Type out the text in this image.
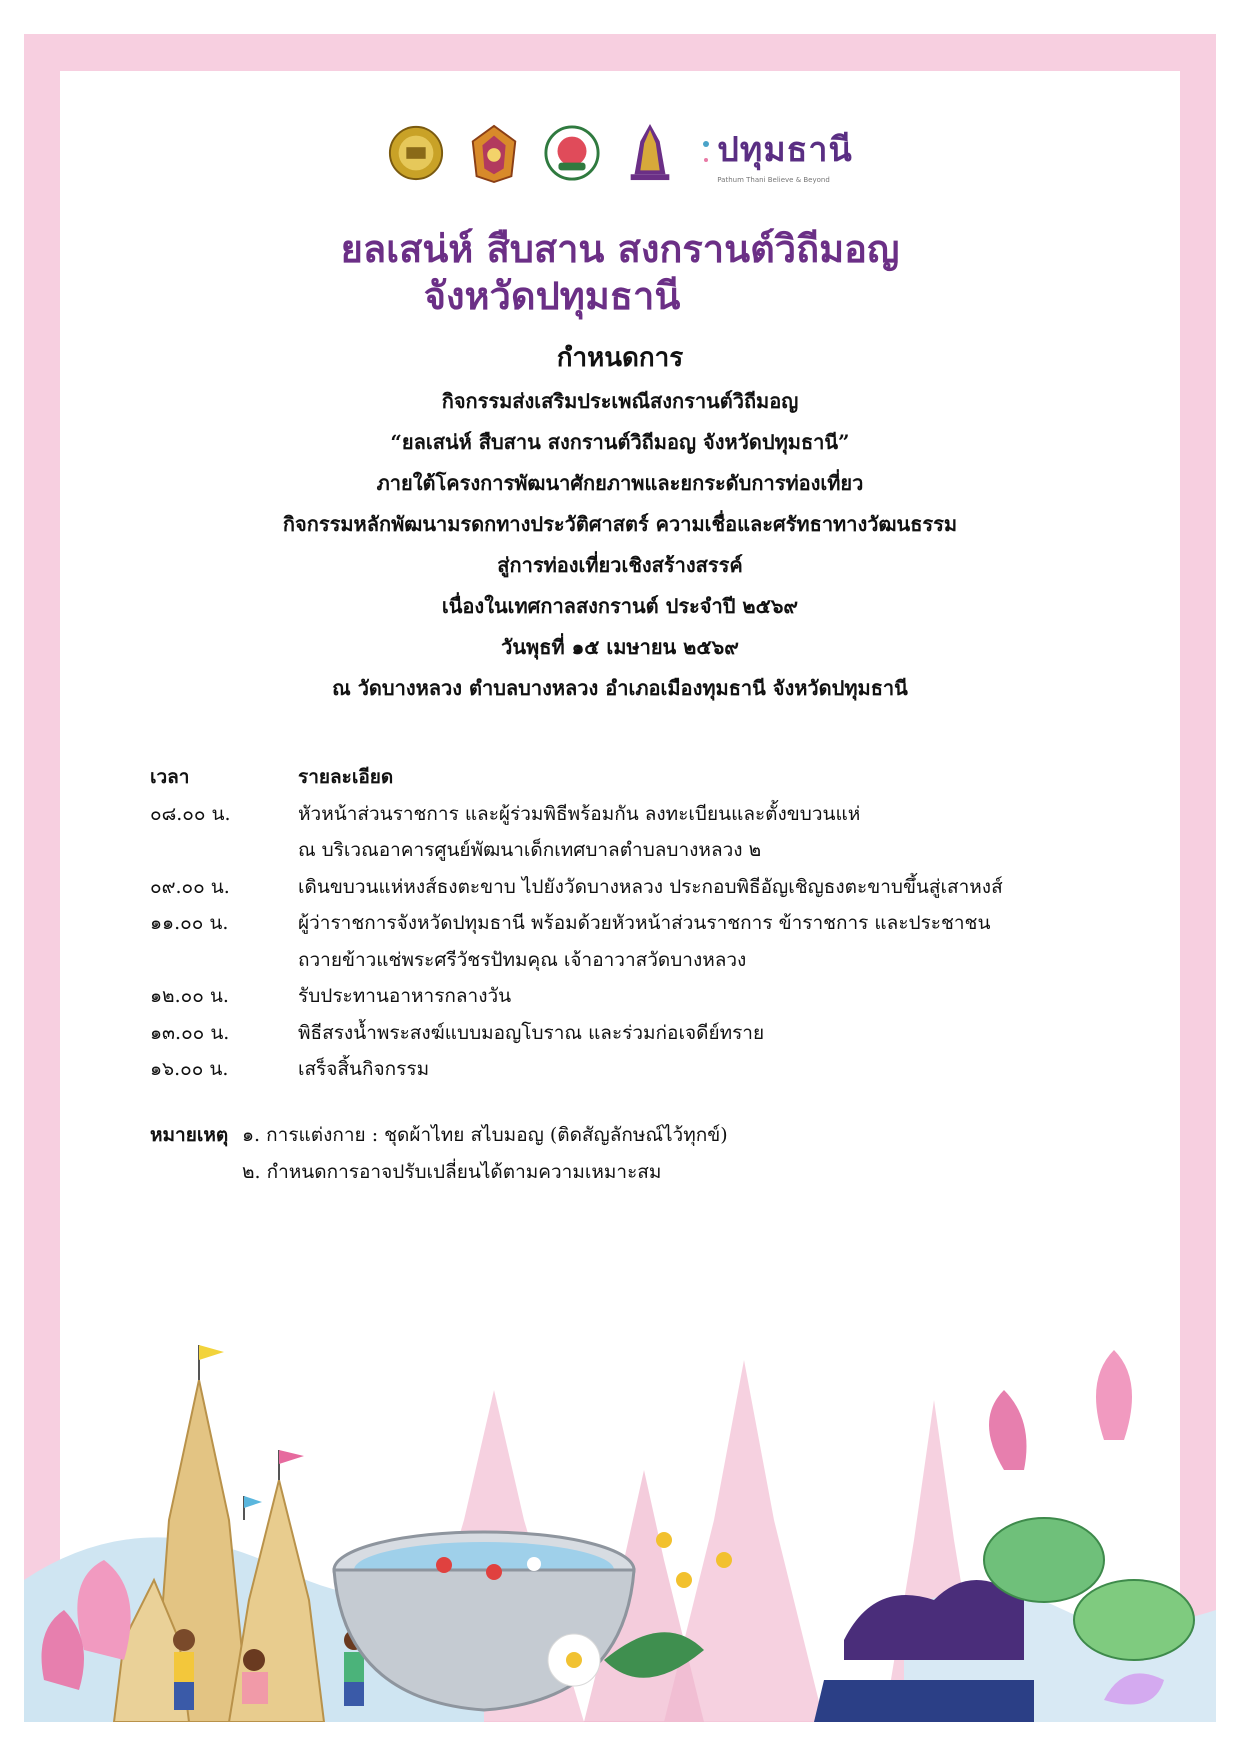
ปทุมธานี
Pathum Thani Believe & Beyond
ยลเสน่ห์ สืบสาน สงกรานต์วิถีมอญ
จังหวัดปทุมธานี
กำหนดการ
กิจกรรมส่งเสริมประเพณีสงกรานต์วิถีมอญ
“ยลเสน่ห์ สืบสาน สงกรานต์วิถีมอญ จังหวัดปทุมธานี”
ภายใต้โครงการพัฒนาศักยภาพและยกระดับการท่องเที่ยว
กิจกรรมหลักพัฒนามรดกทางประวัติศาสตร์ ความเชื่อและศรัทธาทางวัฒนธรรม
สู่การท่องเที่ยวเชิงสร้างสรรค์
เนื่องในเทศกาลสงกรานต์ ประจำปี ๒๕๖๙
วันพุธที่ ๑๕ เมษายน ๒๕๖๙
ณ วัดบางหลวง ตำบลบางหลวง อำเภอเมืองทุมธานี จังหวัดปทุมธานี
เวลา	รายละเอียด
๐๘.๐๐ น.	หัวหน้าส่วนราชการ และผู้ร่วมพิธีพร้อมกัน ลงทะเบียนและตั้งขบวนแห่
ณ บริเวณอาคารศูนย์พัฒนาเด็กเทศบาลตำบลบางหลวง ๒
๐๙.๐๐ น.	เดินขบวนแห่หงส์ธงตะขาบ ไปยังวัดบางหลวง ประกอบพิธีอัญเชิญธงตะขาบขึ้นสู่เสาหงส์
๑๑.๐๐ น.	ผู้ว่าราชการจังหวัดปทุมธานี พร้อมด้วยหัวหน้าส่วนราชการ ข้าราชการ และประชาชน
ถวายข้าวแช่พระศรีวัชรปัทมคุณ เจ้าอาวาสวัดบางหลวง
๑๒.๐๐ น.	รับประทานอาหารกลางวัน
๑๓.๐๐ น.	พิธีสรงน้ำพระสงฆ์แบบมอญโบราณ และร่วมก่อเจดีย์ทราย
๑๖.๐๐ น.	เสร็จสิ้นกิจกรรม
หมายเหตุ ๑. การแต่งกาย : ชุดผ้าไทย สไบมอญ (ติดสัญลักษณ์ไว้ทุกข์)
๒. กำหนดการอาจปรับเปลี่ยนได้ตามความเหมาะสม
